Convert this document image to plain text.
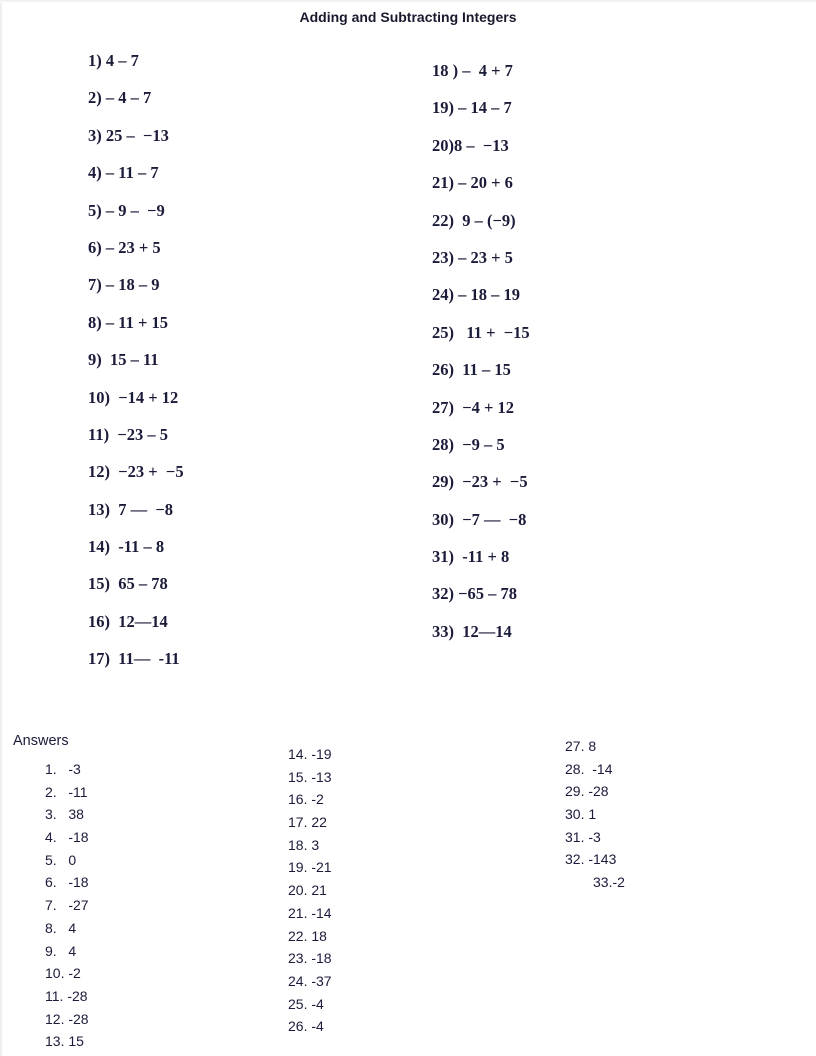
Adding and Subtracting Integers
1) 4 – 7
2) – 4 – 7
3) 25 –  −13
4) – 11 – 7
5) – 9 –  −9
6) – 23 + 5
7) – 18 – 9
8) – 11 + 15
9)  15 – 11
10)  −14 + 12
11)  −23 – 5
12)  −23 +  −5
13)  7 —  −8
14)  -11 – 8
15)  65 – 78
16)  12—14
17)  11—  -11
18 ) –  4 + 7
19) – 14 – 7
20)8 –  −13
21) – 20 + 6
22)  9 – (−9)
23) – 23 + 5
24) – 18 – 19
25)   11 +  −15
26)  11 – 15
27)  −4 + 12
28)  −9 – 5
29)  −23 +  −5
30)  −7 —  −8
31)  -11 + 8
32) −65 – 78
33)  12—14
Answers
1.   -3
2.   -11
3.   38
4.   -18
5.   0
6.   -18
7.   -27
8.   4
9.   4
10. -2
11. -28
12. -28
13. 15
14. -19
15. -13
16. -2
17. 22
18. 3
19. -21
20. 21
21. -14
22. 18
23. -18
24. -37
25. -4
26. -4
27. 8
28.  -14
29. -28
30. 1
31. -3
32. -143
33.-2
